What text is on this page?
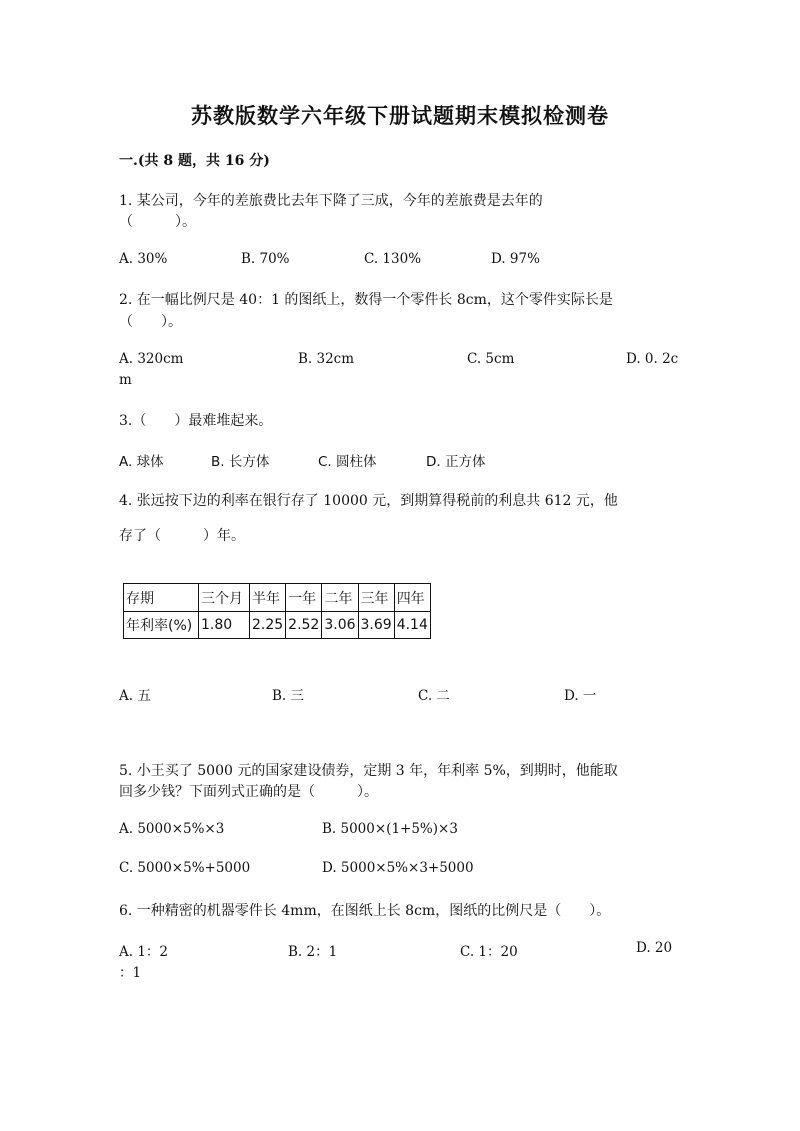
苏教版数学六年级下册试题期末模拟检测卷
一.(共 8 题，共 16 分)
1. 某公司，今年的差旅费比去年下降了三成，今年的差旅费是去年的
（　　　）。
A. 30%	B. 70%	C. 130%	D. 97%
2. 在一幅比例尺是 40：1 的图纸上，数得一个零件长 8cm，这个零件实际长是
（　　）。
A. 320cm	B. 32cm	C. 5cm	D. 0. 2c
m
3.（　　）最难堆起来。
A. 球体	B. 长方体	C. 圆柱体	D. 正方体
4. 张远按下边的利率在银行存了 10000 元，到期算得税前的利息共 612 元，他
存了（　　　）年。
存期	三个月	半年	一年	二年	三年	四年
年利率(%)	1.80	2.25	2.52	3.06	3.69	4.14
A. 五	B. 三	C. 二	D. 一
5. 小王买了 5000 元的国家建设债券，定期 3 年，年利率 5%，到期时，他能取
回多少钱？下面列式正确的是（　　　）。
A. 5000×5%×3	B. 5000×(1+5%)×3
C. 5000×5%+5000	D. 5000×5%×3+5000
6. 一种精密的机器零件长 4mm，在图纸上长 8cm，图纸的比例尺是（　　）。
A. 1：2	B. 2：1	C. 1：20	D. 20
：1
